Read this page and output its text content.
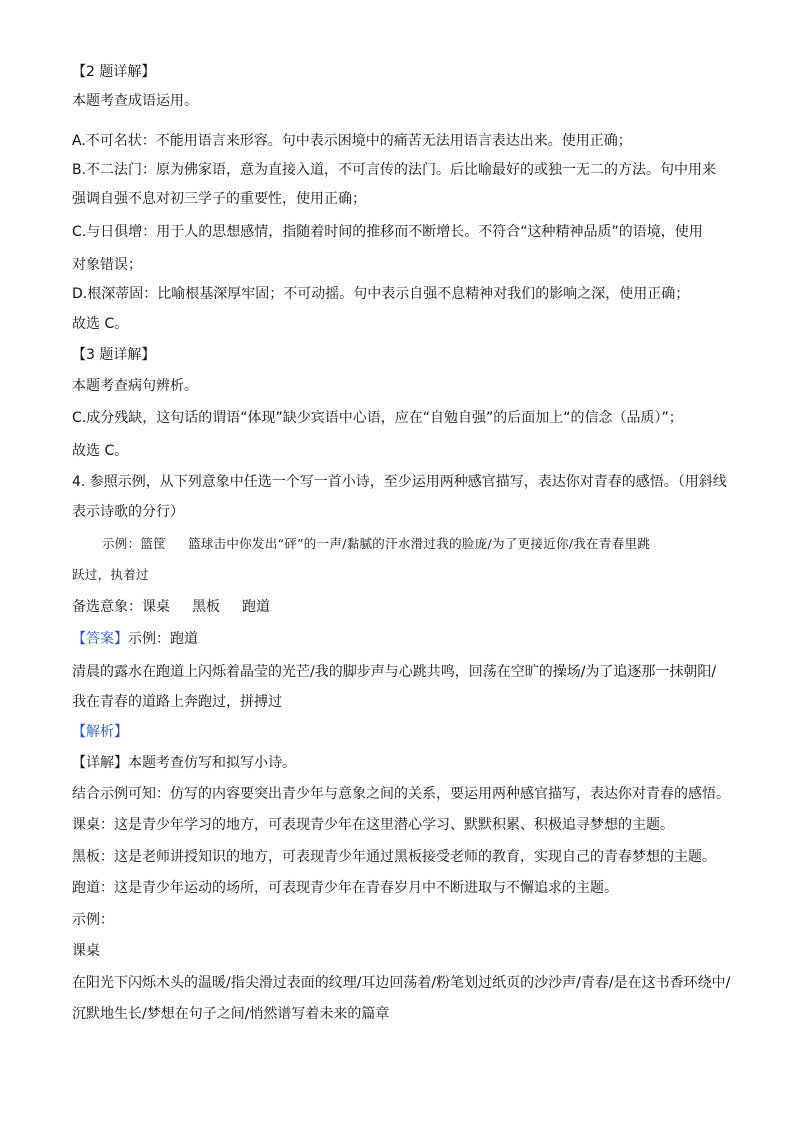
【2 题详解】
本题考查成语运用。
A.不可名状：不能用语言来形容。句中表示困境中的痛苦无法用语言表达出来。使用正确；
B.不二法门：原为佛家语，意为直接入道，不可言传的法门。后比喻最好的或独一无二的方法。句中用来
强调自强不息对初三学子的重要性，使用正确；
C.与日俱增：用于人的思想感情，指随着时间的推移而不断增长。不符合“这种精神品质”的语境，使用
对象错误；
D.根深蒂固：比喻根基深厚牢固；不可动摇。句中表示自强不息精神对我们的影响之深，使用正确；
故选 C。
【3 题详解】
本题考查病句辨析。
C.成分残缺，这句话的谓语“体现”缺少宾语中心语，应在“自勉自强”的后面加上“的信念（品质）”；
故选 C。
4. 参照示例，从下列意象中任选一个写一首小诗，至少运用两种感官描写，表达你对青春的感悟。（用斜线
表示诗歌的分行）
示例：篮筐 篮球击中你发出“砰”的一声/黏腻的汗水滑过我的脸庞/为了更接近你/我在青春里跳
跃过，执着过
备选意象：课桌 黑板 跑道
【答案】示例：跑道
清晨的露水在跑道上闪烁着晶莹的光芒/我的脚步声与心跳共鸣，回荡在空旷的操场/为了追逐那一抹朝阳/
我在青春的道路上奔跑过，拼搏过
【解析】
【详解】本题考查仿写和拟写小诗。
结合示例可知：仿写的内容要突出青少年与意象之间的关系，要运用两种感官描写，表达你对青春的感悟。
课桌：这是青少年学习的地方，可表现青少年在这里潜心学习、默默积累、积极追寻梦想的主题。
黑板：这是老师讲授知识的地方，可表现青少年通过黑板接受老师的教育，实现自己的青春梦想的主题。
跑道：这是青少年运动的场所，可表现青少年在青春岁月中不断进取与不懈追求的主题。
示例：
课桌
在阳光下闪烁木头的温暖/指尖滑过表面的纹理/耳边回荡着/粉笔划过纸页的沙沙声/青春/是在这书香环绕中/
沉默地生长/梦想在句子之间/悄然谱写着未来的篇章
